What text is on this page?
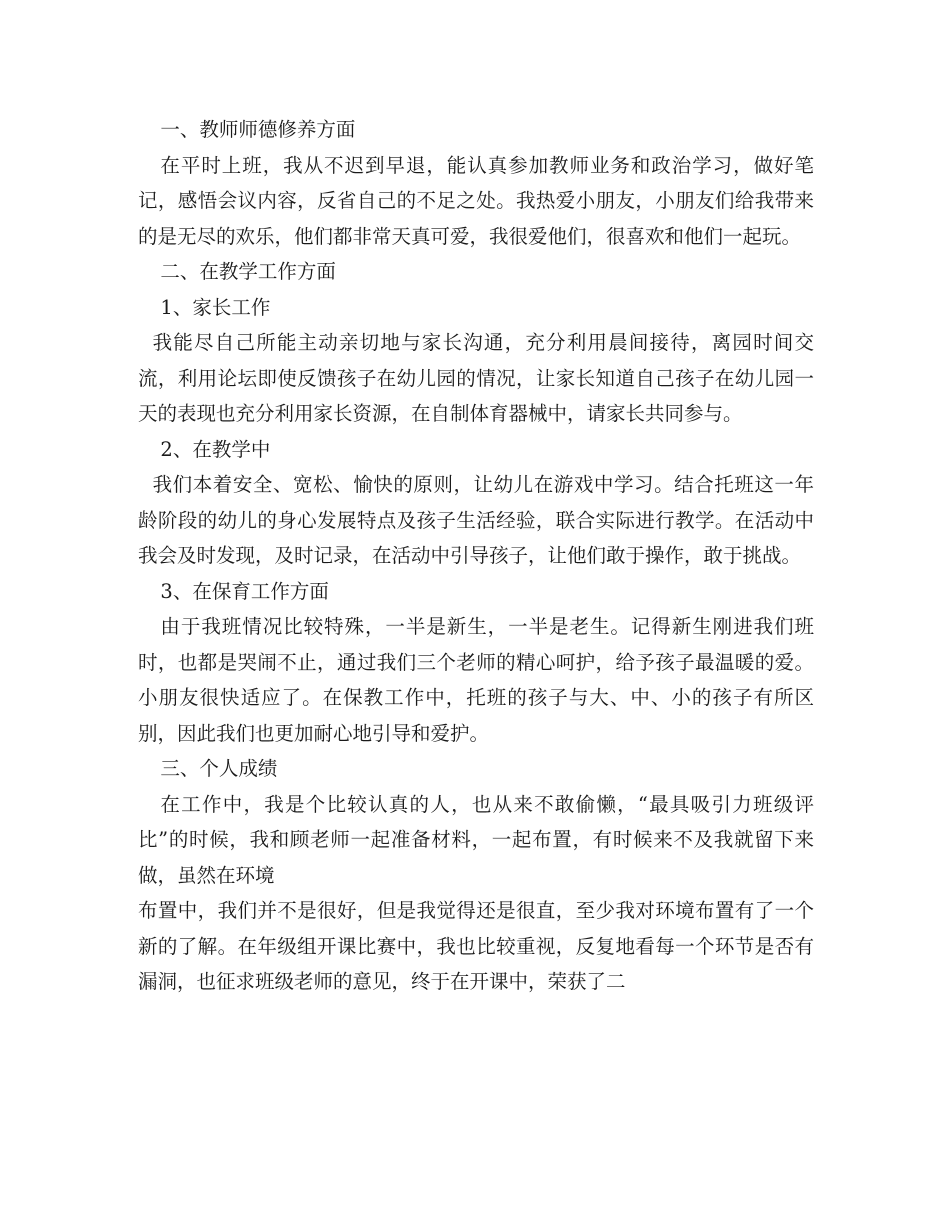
一、教师师德修养方面

在平时上班，我从不迟到早退，能认真参加教师业务和政治学习，做好笔记，感悟会议内容，反省自己的不足之处。我热爱小朋友，小朋友们给我带来的是无尽的欢乐，他们都非常天真可爱，我很爱他们，很喜欢和他们一起玩。

二、在教学工作方面

1、家长工作

我能尽自己所能主动亲切地与家长沟通，充分利用晨间接待，离园时间交流，利用论坛即使反馈孩子在幼儿园的情况，让家长知道自己孩子在幼儿园一天的表现也充分利用家长资源，在自制体育器械中，请家长共同参与。

2、在教学中

我们本着安全、宽松、愉快的原则，让幼儿在游戏中学习。结合托班这一年龄阶段的幼儿的身心发展特点及孩子生活经验，联合实际进行教学。在活动中我会及时发现，及时记录，在活动中引导孩子，让他们敢于操作，敢于挑战。

3、在保育工作方面

由于我班情况比较特殊，一半是新生，一半是老生。记得新生刚进我们班时，也都是哭闹不止，通过我们三个老师的精心呵护，给予孩子最温暖的爱。小朋友很快适应了。在保教工作中，托班的孩子与大、中、小的孩子有所区别，因此我们也更加耐心地引导和爱护。

三、个人成绩

在工作中，我是个比较认真的人，也从来不敢偷懒，“最具吸引力班级评比”的时候，我和顾老师一起准备材料，一起布置，有时候来不及我就留下来做，虽然在环境

布置中，我们并不是很好，但是我觉得还是很直，至少我对环境布置有了一个新的了解。在年级组开课比赛中，我也比较重视，反复地看每一个环节是否有漏洞，也征求班级老师的意见，终于在开课中，荣获了二
